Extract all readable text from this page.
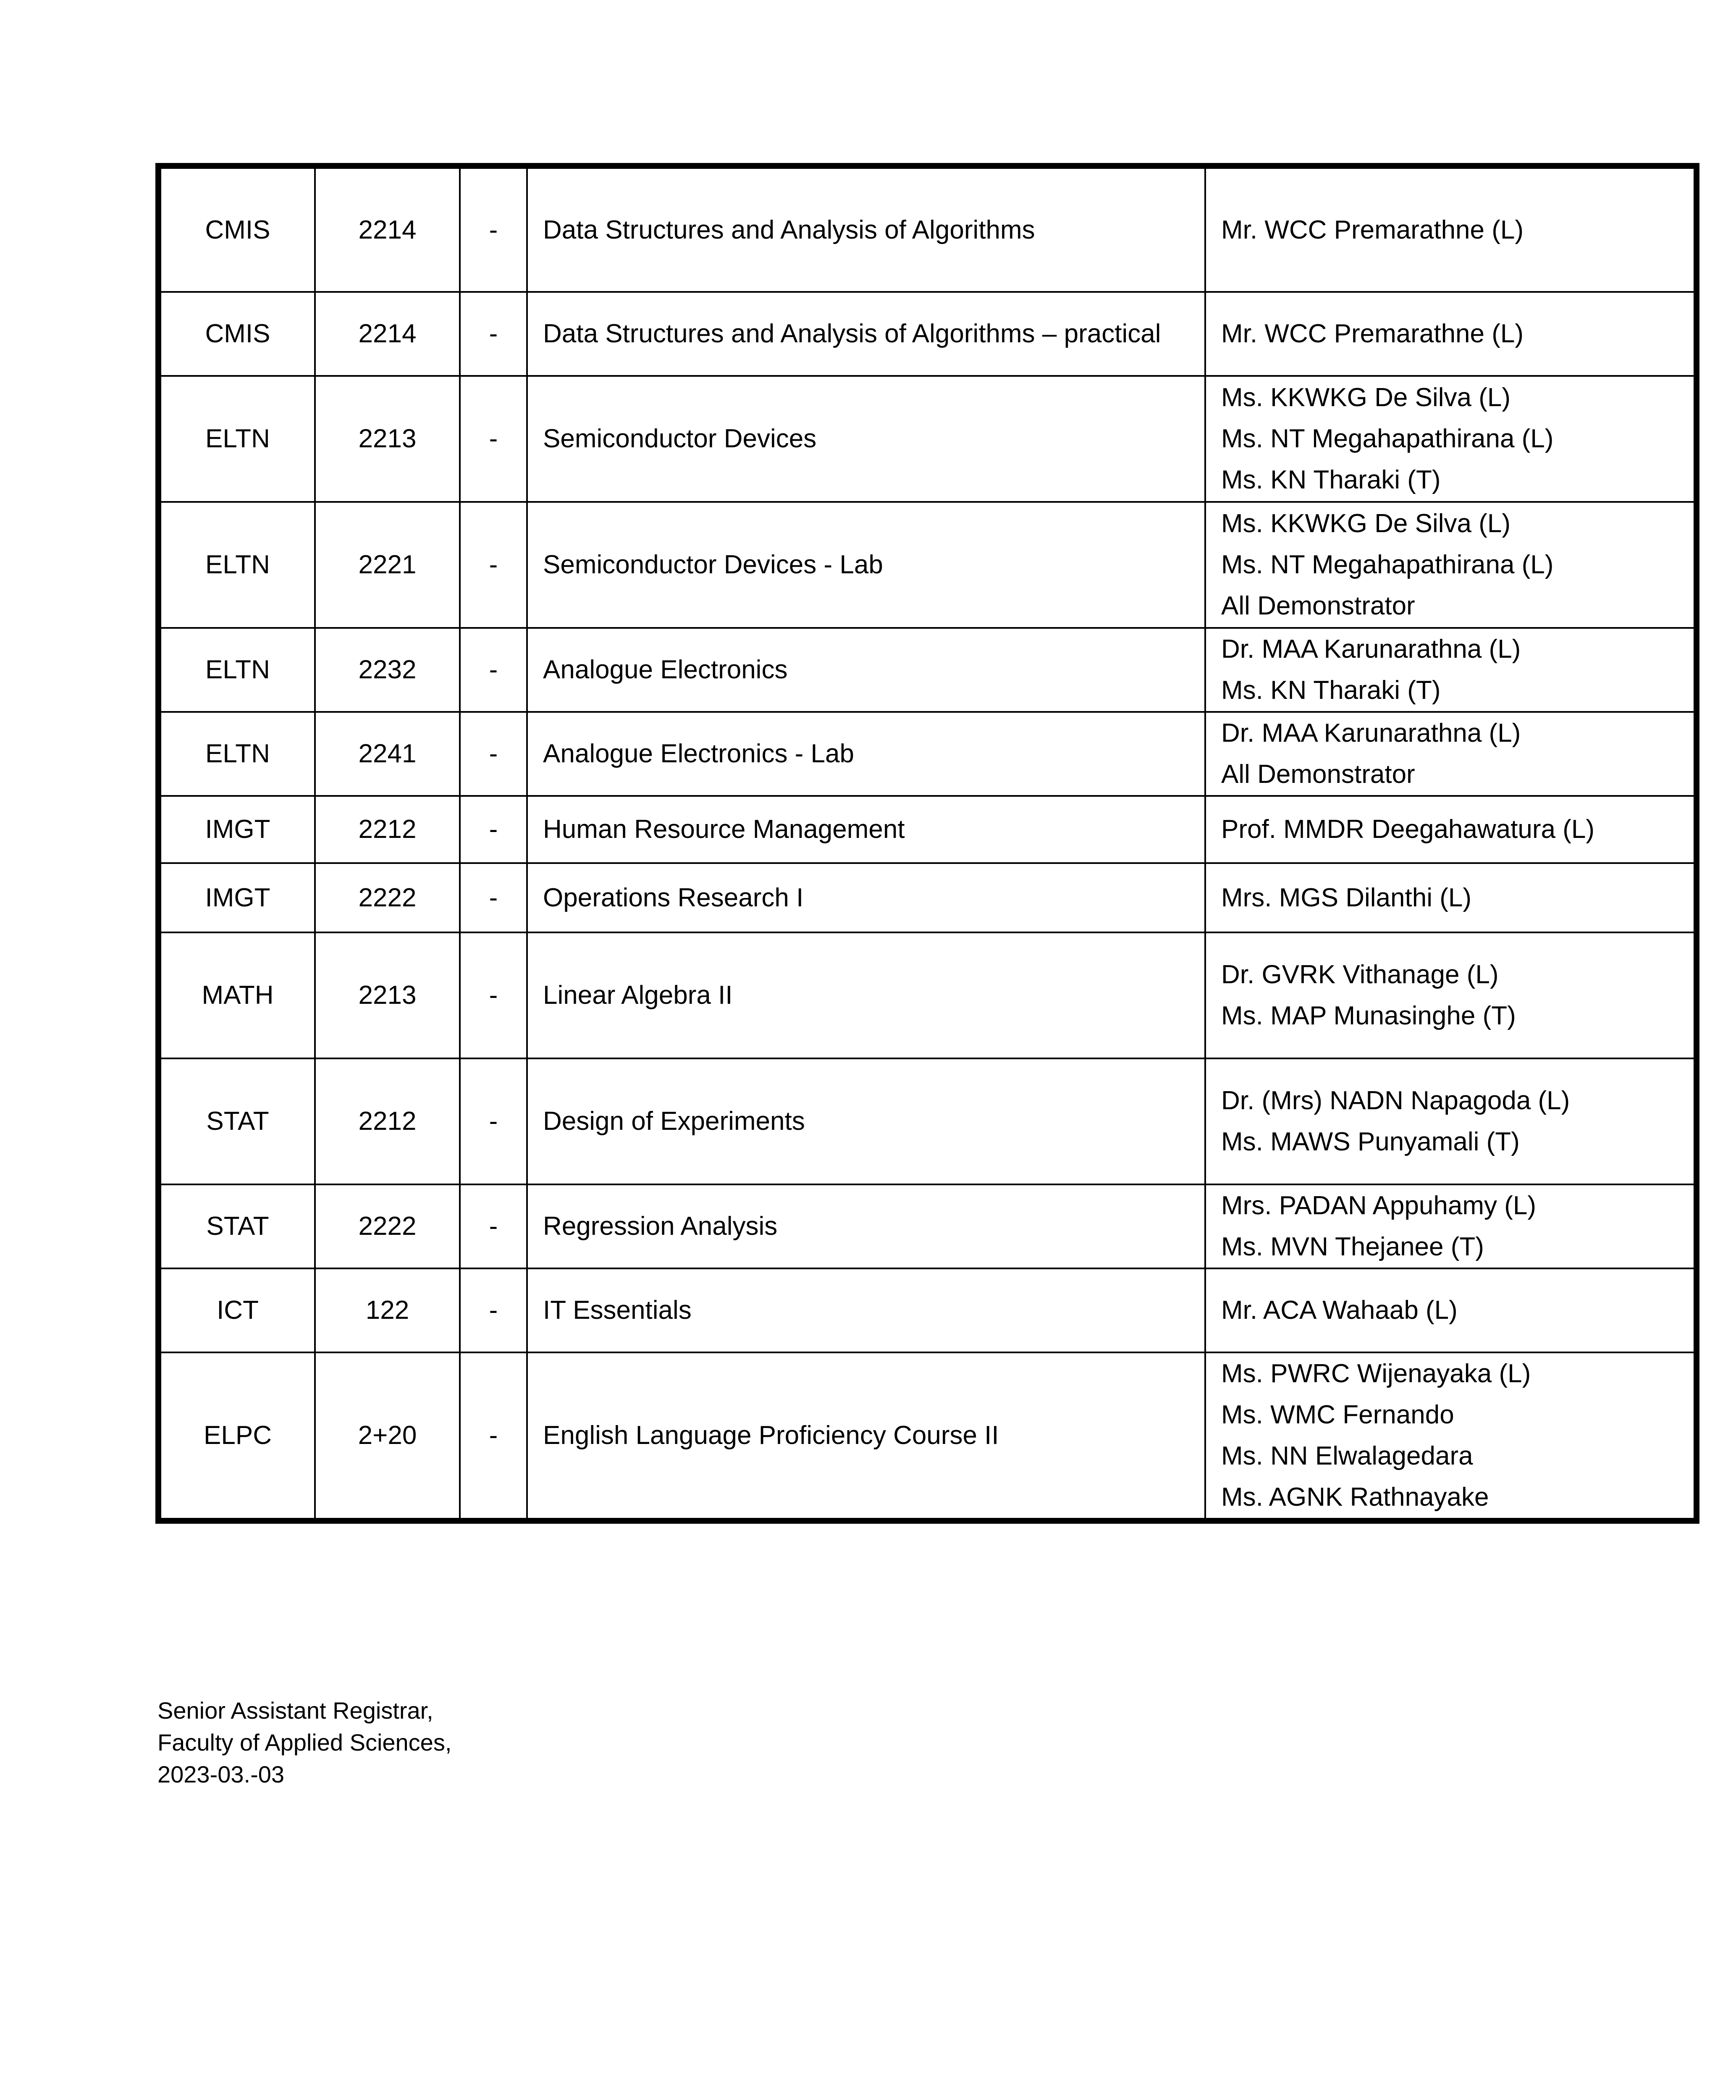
CMIS	2214	-	Data Structures and Analysis of Algorithms	Mr. WCC Premarathne (L)

CMIS	2214	-	Data Structures and Analysis of Algorithms – practical	Mr. WCC Premarathne (L)

ELTN	2213	-	Semiconductor Devices	Ms. KKWKG De Silva (L)
Ms. NT Megahapathirana (L)
Ms. KN Tharaki (T)

ELTN	2221	-	Semiconductor Devices - Lab	Ms. KKWKG De Silva (L)
Ms. NT Megahapathirana (L)
All Demonstrator

ELTN	2232	-	Analogue Electronics	Dr. MAA Karunarathna (L)
Ms. KN Tharaki (T)

ELTN	2241	-	Analogue Electronics - Lab	Dr. MAA Karunarathna (L)
All Demonstrator

IMGT	2212	-	Human Resource Management	Prof. MMDR Deegahawatura (L)

IMGT	2222	-	Operations Research I	Mrs. MGS Dilanthi (L)

MATH	2213	-	Linear Algebra II	Dr. GVRK Vithanage (L)
Ms. MAP Munasinghe (T)

STAT	2212	-	Design of Experiments	Dr. (Mrs) NADN Napagoda (L)
Ms. MAWS Punyamali (T)

STAT	2222	-	Regression Analysis	Mrs. PADAN Appuhamy (L)
Ms. MVN Thejanee (T)

ICT	122	-	IT Essentials	Mr. ACA Wahaab (L)

ELPC	2+20	-	English Language Proficiency Course II	Ms. PWRC Wijenayaka (L)
Ms. WMC Fernando
Ms. NN Elwalagedara
Ms. AGNK Rathnayake
Senior Assistant Registrar,
Faculty of Applied Sciences,
2023-03.-03
